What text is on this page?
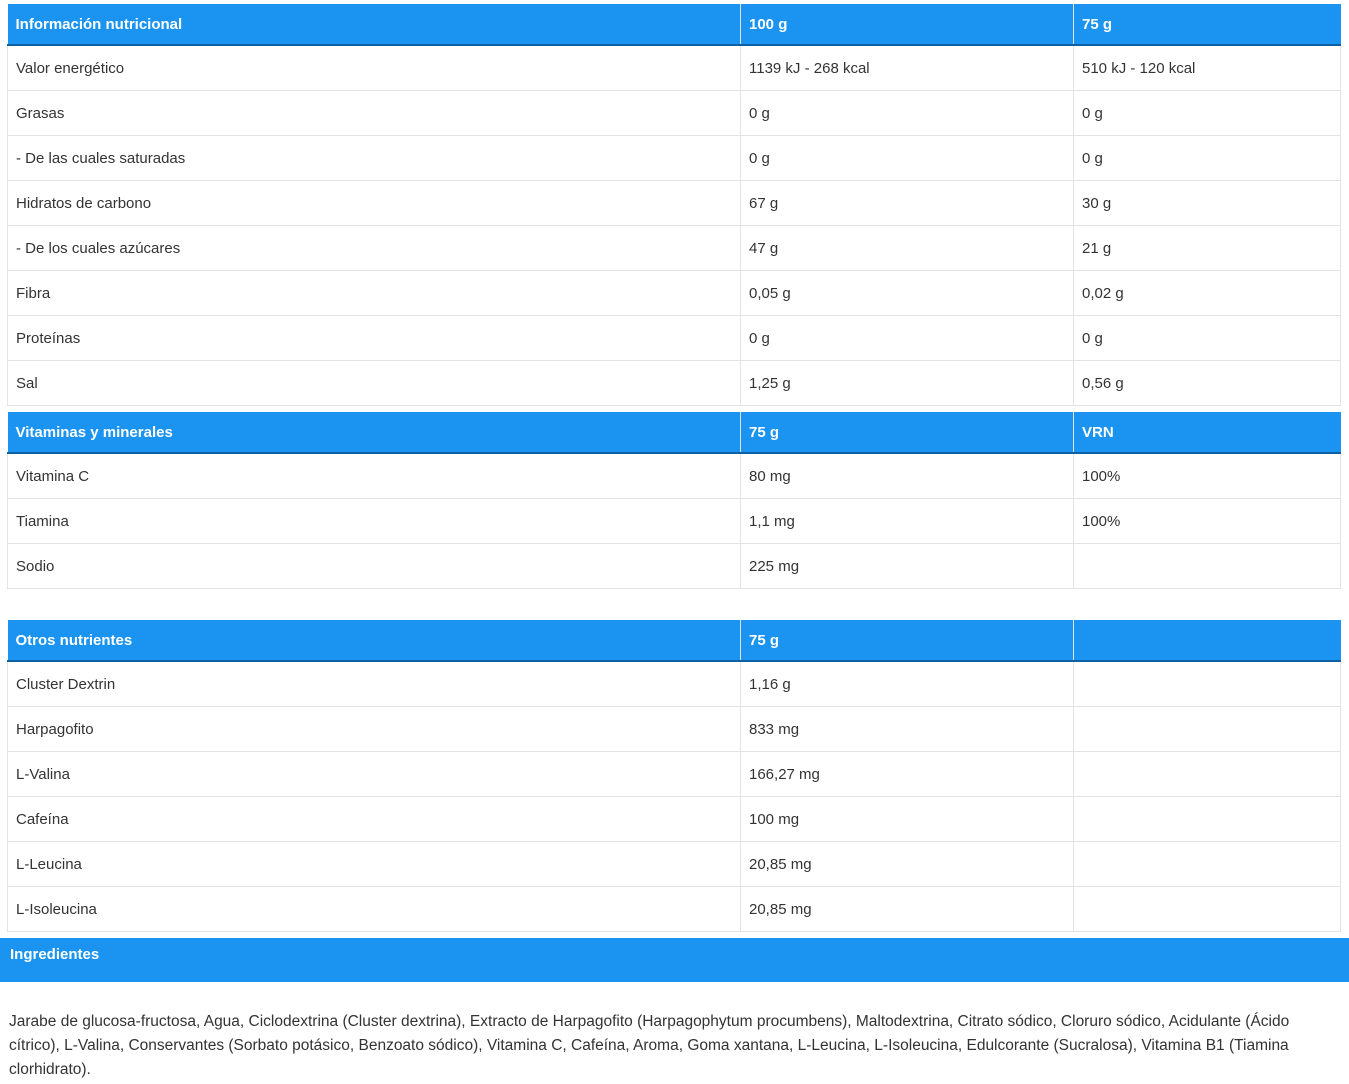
Información nutricional	100 g	75 g
Valor energético	1139 kJ - 268 kcal	510 kJ - 120 kcal
Grasas	0 g	0 g
- De las cuales saturadas	0 g	0 g
Hidratos de carbono	67 g	30 g
- De los cuales azúcares	47 g	21 g
Fibra	0,05 g	0,02 g
Proteínas	0 g	0 g
Sal	1,25 g	0,56 g
Vitaminas y minerales	75 g	VRN
Vitamina C	80 mg	100%
Tiamina	1,1 mg	100%
Sodio	225 mg	
Otros nutrientes	75 g	
Cluster Dextrin	1,16 g	
Harpagofito	833 mg	
L-Valina	166,27 mg	
Cafeína	100 mg	
L-Leucina	20,85 mg	
L-Isoleucina	20,85 mg	
Ingredientes
Jarabe de glucosa-fructosa, Agua, Ciclodextrina (Cluster dextrina), Extracto de Harpagofito (Harpagophytum procumbens), Maltodextrina, Citrato sódico, Cloruro sódico, Acidulante (Ácido cítrico), L-Valina, Conservantes (Sorbato potásico, Benzoato sódico), Vitamina C, Cafeína, Aroma, Goma xantana, L-Leucina, L-Isoleucina, Edulcorante (Sucralosa), Vitamina B1 (Tiamina clorhidrato).
